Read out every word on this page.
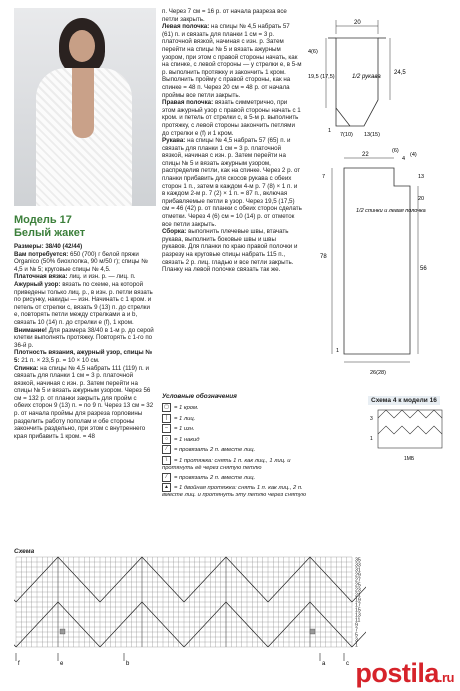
Модель 17
Белый жакет
Размеры: 38/40 (42/44)
Вам потребуется: 650 (700) г белой пряжи Organico (50% биохлопка, 90 м/50 г); спицы № 4,5 и № 5; круговые спицы № 4,5.
Платочная вязка: лиц. и изн. р. — лиц. п.
Ажурный узор: вязать по схеме, на которой приведены только лиц. р., в изн. р. петли вязать по рисунку, накиды — изн. Начинать с 1 кром. и петель от стрелки с, вязать 9 (13) п. до стрелки e, повторять петли между стрелками a и b, связать 10 (14) п. до стрелки e (f), 1 кром. Внимание! Для размера 38/40 в 1-м р. до серой клетки выполнять протяжку. Повторять с 1-го по 36-й р.
Плотность вязания, ажурный узор, спицы № 5: 21 п. × 23,5 р. = 10 × 10 см.
Спинка: на спицы № 4,5 набрать 111 (119) п. и связать для планки 1 см = 3 р. платочной вязкой, начиная с изн. р. Затем перейти на спицы № 5 и вязать ажурным узором. Через 56 см = 132 р. от планки закрыть для пройм с обеих сторон 9 (13) п. = по 9 п. Через 13 см = 32 р. от начала проймы для разреза горловины разделить работу пополам и обе стороны закончить раздельно, при этом с внутреннего края прибавить 1 кром. = 48
п. Через 7 см = 16 р. от начала разреза все петли закрыть.
Левая полочка: на спицы № 4,5 набрать 57 (61) п. и связать для планки 1 см = 3 р. платочной вязкой, начиная с изн. р. Затем перейти на спицы № 5 и вязать ажурным узором, при этом с правой стороны начать, как на спинке, с левой стороны — у стрелки e, в 5-м р. выполнить протяжку и закончить 1 кром. Выполнить пройму с правой стороны, как на спинке = 48 п. Через 20 см = 48 р. от начала проймы все петли закрыть.
Правая полочка: вязать симметрично, при этом ажурный узор с правой стороны начать с 1 кром. и петель от стрелки c, в 5-м р. выполнить протяжку, с левой стороны закончить петлями до стрелки e (f) и 1 кром.
Рукава: на спицы № 4,5 набрать 57 (65) п. и связать для планки 1 см = 3 р. платочной вязкой, начиная с изн. р. Затем перейти на спицы № 5 и вязать ажурным узором, распределив петли, как на спинке. Через 2 р. от планки прибавить для скосов рукава с обеих сторон 1 п., затем в каждом 4-м р. 7 (8) × 1 п. и в каждом 2-м р. 7 (2) × 1 п. = 87 п., включая прибавляемые петли в узор. Через 19,5 (17,5) см = 46 (42) р. от планки с обеих сторон сделать отметки. Через 4 (6) см = 10 (14) р. от отметок все петли закрыть.
Сборка: выполнить плечевые швы, втачать рукава, выполнить боковые швы и швы рукавов. Для планки по краю правой полочки и разрезу на круговые спицы набрать 115 п., связать 2 р. лиц. гладью и все петли закрыть. Планку на левой полочке связать так же.
Условные обозначения
▢ = 1 кром.
| = 1 лиц.
– = 1 изн.
○ = 1 накид
⁄ = провязать 2 п. вместе лиц.
\ = 1 протяжка: снять 1 п. как лиц., 1 лиц. и протянуть её через снятую петлю
⁄ = провязать 2 п. вместе лиц.
▲ = 1 двойная протяжка: снять 1 п. как лиц., 2 п. вместе лиц. и протянуть эту петлю через снятую
1/2 рукава
20
4(6)
19,5 (17,5)
24,5
7(10) 13(15)
1
1/2 спинки и левая полочка
22
(6)
4
(4)
7	13
20
78
56
1
26(28)
Схема 4 к модели 16
3
1
1МБ
Схема
35
33
31
29
27
25
23
21
19
17
15
13
11
9
7
5
3
1
f	e	b	a	c postila.ru
